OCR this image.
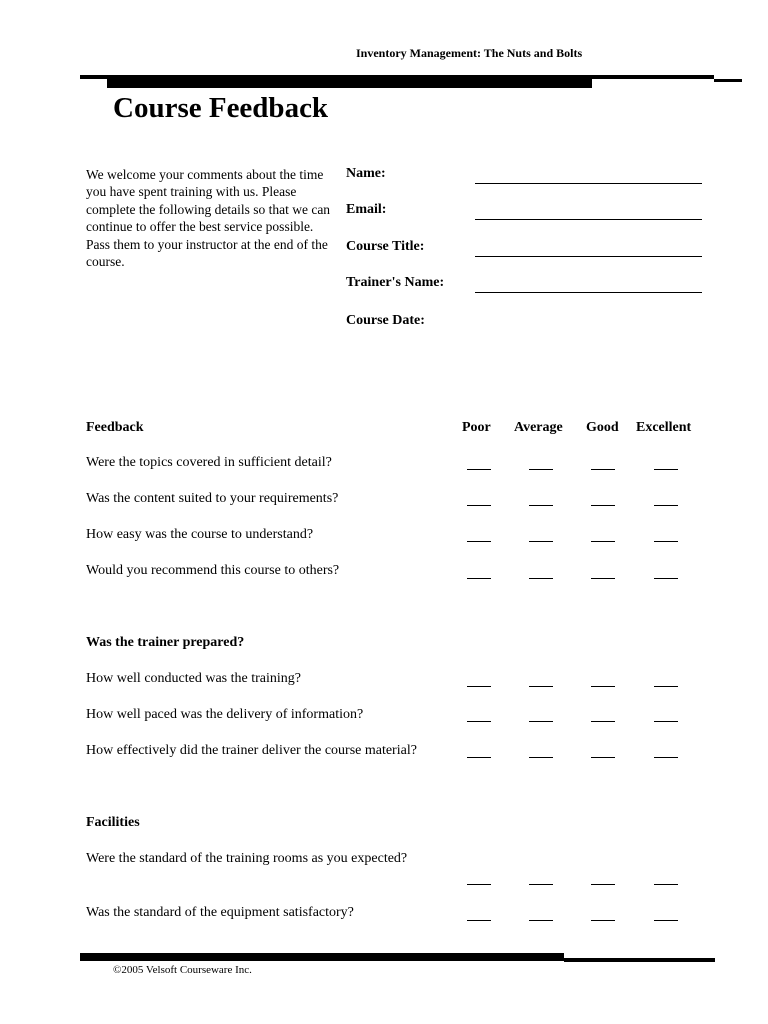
Inventory Management: The Nuts and Bolts
Course Feedback
We welcome your comments about the time you have spent training with us. Please complete the following details so that we can continue to offer the best service possible. Pass them to your instructor at the end of the course.
Name:
Email:
Course Title:
Trainer's Name:
Course Date:
Poor Average Good Excellent
Feedback
Were the topics covered in sufficient detail?
Was the content suited to your requirements?
How easy was the course to understand?
Would you recommend this course to others?
Was the trainer prepared?
How well conducted was the training?
How well paced was the delivery of information?
How effectively did the trainer deliver the course material?
Facilities
Were the standard of the training rooms as you expected?
Was the standard of the equipment satisfactory?
©2005 Velsoft Courseware Inc.
